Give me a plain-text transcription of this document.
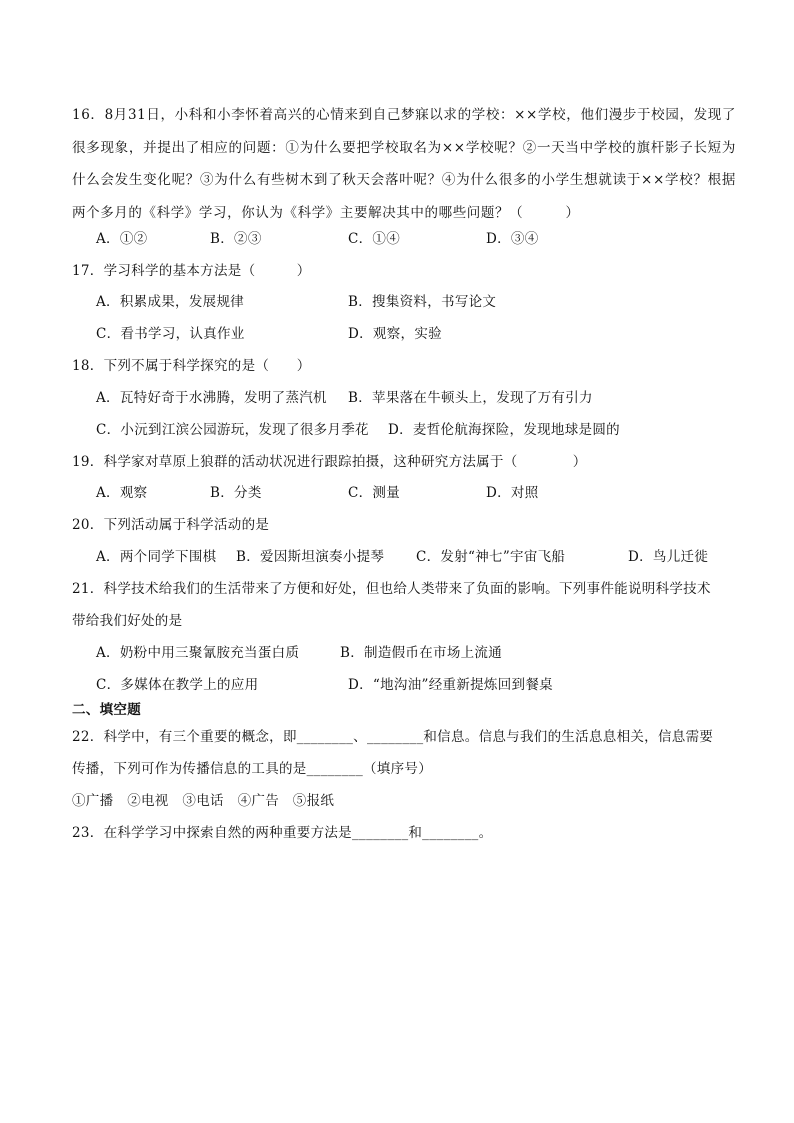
16．8月31日，小科和小李怀着高兴的心情来到自己梦寐以求的学校：××学校，他们漫步于校园，发现了很多现象，并提出了相应的问题：①为什么要把学校取名为××学校呢？②一天当中学校的旗杆影子长短为什么会发生变化呢？③为什么有些树木到了秋天会落叶呢？④为什么很多的小学生想就读于××学校？根据两个多月的《科学》学习，你认为《科学》主要解决其中的哪些问题？（　　　）
A．①②	B．②③	C．①④	D．③④
17．学习科学的基本方法是（　　　）
A．积累成果，发展规律	B．搜集资料，书写论文
C．看书学习，认真作业	D．观察，实验
18．下列不属于科学探究的是（　　）
A．瓦特好奇于水沸腾，发明了蒸汽机 B．苹果落在牛顿头上，发现了万有引力
C．小沅到江滨公园游玩，发现了很多月季花 D．麦哲伦航海探险，发现地球是圆的
19．科学家对草原上狼群的活动状况进行跟踪拍摄，这种研究方法属于（　　　　）
A．观察	B．分类	C．测量	D．对照
20．下列活动属于科学活动的是
A．两个同学下围棋 B．爱因斯坦演奏小提琴 C．发射“神七”宇宙飞船	D．鸟儿迁徙
21．科学技术给我们的生活带来了方便和好处，但也给人类带来了负面的影响。下列事件能说明科学技术
带给我们好处的是
A．奶粉中用三聚氰胺充当蛋白质	B．制造假币在市场上流通
C．多媒体在教学上的应用	D．“地沟油”经重新提炼回到餐桌
二、填空题
22．科学中，有三个重要的概念，即________、________和信息。信息与我们的生活息息相关，信息需要
传播，下列可作为传播信息的工具的是________（填序号）
①广播　②电视　③电话　④广告　⑤报纸
23．在科学学习中探索自然的两种重要方法是________和________。
